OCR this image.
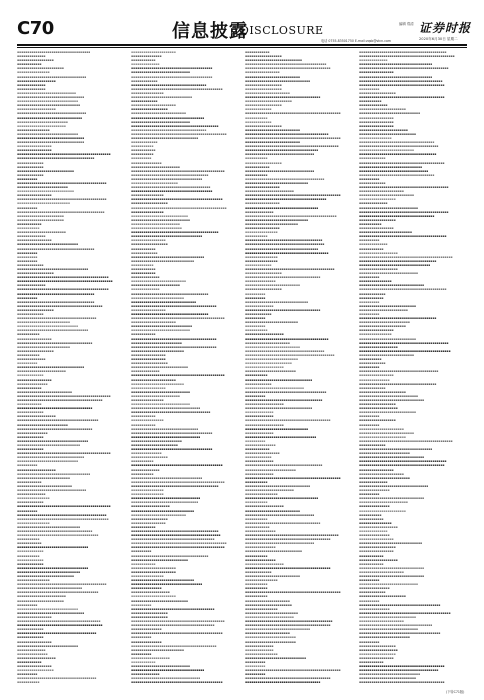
C70	信息披露
DISCLOSURE	编辑 郑清
电话 0755-83501750 E-mail:zqsb@stcn.com
证券时报
2020年6月30日 星期二
▪▪▪▪▪▪▪▪▪▪▪▪▪▪▪▪▪▪▪▪▪▪▪▪▪▪▪▪▪▪▪▪▪▪▪▪
▪▪▪▪▪▪▪▪▪▪▪▪▪▪
▪▪▪▪▪▪▪▪▪▪▪▪▪▪▪▪▪▪
▪▪▪▪▪▪▪▪▪▪▪▪
▪▪▪▪▪▪▪▪▪▪▪▪▪▪▪▪▪▪▪▪▪▪▪
▪▪▪▪▪▪▪▪▪▪▪▪▪▪▪▪
▪▪▪▪▪▪▪▪▪▪▪▪▪▪▪▪▪▪▪▪▪▪▪▪▪▪▪▪▪▪▪▪▪▪
▪▪▪▪▪▪▪▪▪▪▪▪▪▪▪▪▪▪▪
▪▪▪▪▪▪▪▪▪▪▪▪▪▪
▪▪▪▪▪▪▪▪▪▪▪▪▪▪
▪▪▪▪▪▪▪▪▪▪▪▪▪▪▪▪▪▪▪▪▪▪▪▪▪▪▪▪▪
▪▪▪▪▪▪▪▪▪▪▪▪▪▪▪▪▪▪▪▪▪▪▪▪▪▪▪▪▪▪▪▪▪
▪▪▪▪▪▪▪▪▪▪▪▪▪▪▪▪▪▪▪▪▪▪▪▪▪▪▪▪▪▪
▪▪▪▪▪▪▪▪▪▪▪▪▪▪▪▪▪▪▪▪▪▪▪▪▪▪▪▪▪▪▪
▪▪▪▪▪▪▪▪▪▪▪▪▪▪▪▪▪▪▪
▪▪▪▪▪▪▪▪▪▪▪▪▪▪▪▪▪▪▪▪▪▪▪▪▪▪▪▪▪▪▪▪▪▪
▪▪▪▪▪▪▪▪▪▪▪▪▪▪▪▪▪▪▪▪▪▪▪▪▪▪▪▪▪▪▪▪
▪▪▪▪▪▪▪▪▪▪▪▪▪▪▪▪▪▪▪▪▪▪▪▪▪
▪▪▪▪▪▪▪▪▪▪▪▪▪▪▪▪▪▪▪▪▪▪▪▪
▪▪▪▪▪▪▪▪▪▪▪▪▪▪▪▪
▪▪▪▪▪▪▪▪▪▪▪▪▪▪▪▪▪▪▪▪▪▪▪▪▪▪▪▪▪▪
▪▪▪▪▪▪▪▪▪▪▪▪▪▪▪▪▪▪▪▪▪▪▪▪▪▪▪▪▪▪▪▪▪
▪▪▪▪▪▪▪▪▪▪▪▪▪▪▪▪▪▪▪▪▪▪▪▪▪▪▪▪▪▪▪▪▪
▪▪▪▪▪▪▪▪▪▪▪▪▪▪▪▪▪
▪▪▪▪▪▪▪▪▪▪▪▪▪▪▪▪▪
▪▪▪▪▪▪▪▪▪▪▪▪▪▪▪▪▪▪▪▪▪▪▪▪▪▪▪▪▪▪▪▪▪▪▪▪▪▪▪▪▪▪▪▪▪▪
▪▪▪▪▪▪▪▪▪▪▪▪▪▪▪▪▪▪▪▪▪▪▪▪▪▪▪▪▪▪▪▪▪▪▪▪▪▪
▪▪▪▪▪▪▪▪▪▪▪▪▪
▪▪▪▪▪▪▪▪▪▪▪▪▪
▪▪▪▪▪▪▪▪▪▪▪▪▪▪▪▪▪▪▪▪▪▪▪▪▪▪▪▪
▪▪▪▪▪▪▪▪▪▪▪▪▪
▪▪▪▪▪▪▪▪▪▪
▪▪▪▪▪▪▪▪▪▪▪▪▪▪▪▪▪▪▪▪▪▪▪▪▪▪▪▪▪▪▪▪▪▪▪▪▪▪▪▪▪▪▪▪
▪▪▪▪▪▪▪▪▪▪▪▪▪▪▪▪▪▪▪▪▪▪▪▪▪
▪▪▪▪▪▪▪▪▪▪▪▪▪▪▪▪▪▪▪▪▪▪▪▪▪▪▪▪
▪▪▪▪▪▪▪▪▪▪▪▪▪▪▪▪▪
▪▪▪▪▪▪▪▪▪▪▪▪▪▪▪▪▪▪▪▪▪▪▪▪▪▪▪▪▪▪▪▪▪▪▪▪▪▪▪▪▪▪▪▪
▪▪▪▪▪▪▪▪▪▪▪▪▪▪▪▪▪▪▪▪▪▪▪▪▪▪
▪▪▪▪▪▪▪▪▪▪
▪▪▪▪▪▪▪▪▪▪▪▪▪▪▪▪▪▪▪▪▪▪▪▪▪▪▪▪▪▪▪▪▪▪▪▪▪▪▪▪▪▪▪
▪▪▪▪▪▪▪▪▪▪▪▪▪▪▪▪▪▪▪▪▪▪▪
▪▪▪▪▪▪▪▪▪▪▪▪▪▪▪▪▪▪▪▪▪▪▪
▪▪▪▪▪▪▪▪▪▪▪▪
▪▪▪▪▪▪▪▪▪▪▪
▪▪▪▪▪▪▪▪▪▪▪▪▪▪▪▪▪▪▪▪▪▪▪▪
▪▪▪▪▪▪▪▪▪▪▪▪▪▪
▪▪▪▪▪▪▪▪▪▪▪▪▪▪▪▪▪
▪▪▪▪▪▪▪▪▪▪▪▪▪▪▪▪▪▪▪▪▪▪▪▪▪▪▪▪▪▪
▪▪▪▪▪▪▪▪▪▪▪▪▪▪▪▪▪▪▪▪▪▪▪▪▪▪▪▪▪▪▪▪▪▪▪▪▪▪
▪▪▪▪▪▪▪▪▪▪
▪▪▪▪▪▪▪▪▪▪
▪▪▪▪▪▪▪▪▪▪
▪▪▪▪▪▪▪▪▪▪▪▪▪
▪▪▪▪▪▪▪▪▪▪▪▪▪▪▪▪▪▪▪▪▪▪▪▪▪▪▪▪▪▪▪▪▪▪▪
▪▪▪▪▪▪▪▪▪▪▪▪▪▪▪▪▪▪
▪▪▪▪▪▪▪▪▪▪▪▪▪▪▪▪▪▪▪▪▪▪▪▪▪▪▪▪▪▪▪▪▪▪▪▪▪▪▪▪▪▪▪▪▪
▪▪▪▪▪▪▪▪▪▪▪▪▪▪▪▪▪▪▪▪▪▪▪▪▪▪▪▪▪▪▪▪▪▪▪▪▪▪▪▪▪▪▪▪▪▪▪
▪▪▪▪▪▪▪▪▪▪▪▪▪▪
▪▪▪▪▪▪▪▪▪▪▪▪▪▪▪▪▪▪▪▪▪▪▪▪▪▪▪▪▪▪▪▪▪▪▪▪▪▪▪▪▪▪▪▪▪
▪▪▪▪▪▪▪▪▪▪▪▪▪▪▪▪▪▪▪▪▪▪▪▪▪▪▪▪▪▪▪▪▪▪▪▪▪▪
▪▪▪▪▪▪▪▪▪▪
▪▪▪▪▪▪▪▪▪▪▪▪▪▪▪▪▪▪▪▪▪▪▪▪▪▪▪▪▪▪▪▪▪▪▪▪▪▪
▪▪▪▪▪▪▪▪▪▪▪▪▪▪▪▪▪▪▪▪▪▪▪▪▪▪▪▪▪▪▪▪▪▪▪▪▪▪▪▪▪▪
▪▪▪▪▪▪▪▪▪▪▪▪▪▪▪▪▪▪
▪▪▪▪▪▪▪▪▪▪▪▪▪
▪▪▪▪▪▪▪▪▪▪▪▪▪▪▪▪▪▪▪▪▪▪▪▪▪▪▪▪▪▪▪▪▪▪▪▪▪▪▪
▪▪▪▪▪▪▪▪▪▪▪▪▪▪▪▪▪▪▪▪▪▪▪▪▪▪
▪▪▪▪▪▪▪▪▪▪▪▪▪▪▪▪▪▪▪▪▪▪▪▪▪▪▪▪▪▪
▪▪▪▪▪▪▪▪▪▪▪▪▪▪▪▪▪▪▪▪▪▪▪▪▪▪▪▪▪▪▪▪▪▪▪
▪▪▪▪▪▪▪▪▪▪▪
▪▪▪▪▪▪▪▪▪▪▪▪▪▪▪▪▪
▪▪▪▪▪▪▪▪▪▪▪▪▪▪▪▪▪▪▪▪▪▪▪▪▪▪▪▪▪▪▪▪▪▪▪▪▪
▪▪▪▪▪▪▪▪▪▪▪▪▪▪▪▪▪▪▪▪▪▪▪▪▪▪
▪▪▪▪▪▪▪▪▪▪▪▪▪▪▪▪▪▪
▪▪▪▪▪▪▪▪▪▪▪
▪▪▪▪▪▪▪▪▪▪▪▪▪▪
▪▪▪▪▪▪▪▪▪▪
▪▪▪▪▪▪▪▪▪▪▪▪▪▪▪▪▪▪▪▪▪▪▪▪▪▪▪▪▪▪▪▪▪
▪▪▪▪▪▪▪▪▪▪▪▪▪▪▪▪▪▪▪▪▪▪▪▪
▪▪▪▪▪▪▪▪▪▪▪▪▪
▪▪▪▪▪▪▪▪▪▪▪▪▪▪▪▪▪
▪▪▪▪▪▪▪▪▪▪▪▪▪▪▪
▪▪▪▪▪▪▪▪▪▪▪▪
▪▪▪▪▪▪▪▪▪▪▪▪▪▪▪▪▪▪▪▪▪▪▪▪▪▪▪
▪▪▪▪▪▪▪▪▪▪▪▪▪▪▪▪▪▪▪▪▪▪▪▪▪▪▪▪▪▪▪▪▪▪▪▪▪▪▪▪▪▪▪▪▪▪
▪▪▪▪▪▪▪▪▪▪▪▪▪▪▪▪▪▪▪▪▪▪▪▪▪▪▪▪▪▪▪▪▪▪▪▪▪▪▪▪▪▪
▪▪▪▪▪▪▪▪▪▪▪▪
▪▪▪▪▪▪▪▪▪▪▪▪▪▪▪▪▪▪▪▪▪▪▪▪▪▪▪▪▪▪▪▪▪▪▪▪▪
▪▪▪▪▪▪▪▪▪▪▪▪▪
▪▪▪▪▪▪▪▪▪▪▪▪▪▪▪▪▪▪▪
▪▪▪▪▪▪▪▪▪▪▪▪▪▪▪▪▪▪▪▪▪▪▪▪▪▪▪▪▪▪▪▪▪▪▪▪▪▪▪▪
▪▪▪▪▪▪▪▪▪▪▪▪▪▪▪▪▪▪▪▪▪▪▪▪▪
▪▪▪▪▪▪▪▪▪▪▪▪▪▪▪▪▪▪▪▪▪▪▪▪▪▪▪▪▪▪▪▪▪▪▪▪▪
▪▪▪▪▪▪▪▪▪▪▪▪▪▪▪
▪▪▪▪▪▪▪▪▪▪▪▪▪
▪▪▪▪▪▪▪▪▪▪▪▪▪▪▪▪▪▪▪▪▪▪▪▪▪▪▪▪▪▪▪▪▪▪▪
▪▪▪▪▪▪▪▪▪▪▪▪▪▪▪▪▪▪▪▪▪▪▪▪▪▪▪▪▪▪▪
▪▪▪▪▪▪▪▪▪▪▪▪▪
▪▪▪▪▪▪▪▪▪▪▪▪▪▪▪▪▪▪▪▪▪▪▪▪▪▪▪▪▪▪▪▪▪▪▪▪▪▪▪▪▪▪▪▪▪▪
▪▪▪▪▪▪▪▪▪▪▪▪▪▪▪▪▪▪▪▪▪▪▪▪▪▪▪▪▪▪▪▪▪
▪▪▪▪▪▪▪▪▪▪▪▪▪▪▪▪▪▪▪▪▪▪▪▪▪▪▪▪▪▪
▪▪▪▪▪▪▪▪▪▪
▪▪▪▪▪▪▪▪▪▪▪▪▪▪▪▪▪▪▪
▪▪▪▪▪▪▪▪▪▪▪▪▪▪▪▪▪▪▪▪▪▪▪▪▪▪▪▪▪▪▪▪▪▪▪▪
▪▪▪▪▪▪▪▪▪▪▪▪▪▪▪▪▪▪▪▪▪▪▪▪▪▪
▪▪▪▪▪▪▪▪▪▪▪▪
▪▪▪▪▪▪▪▪▪▪▪▪▪▪▪▪▪▪▪▪▪▪▪▪▪▪▪
▪▪▪▪▪▪▪▪▪▪▪▪▪▪▪▪▪▪▪▪▪▪▪▪▪▪▪▪▪▪▪▪▪▪
▪▪▪▪▪▪▪▪▪▪▪▪▪▪
▪▪▪▪▪▪▪▪▪▪▪▪▪▪▪▪
▪▪▪▪▪▪▪▪▪▪▪▪▪
▪▪▪▪▪▪▪▪▪▪▪▪▪▪▪▪▪▪▪▪▪▪▪▪▪▪▪▪▪▪▪▪▪▪▪▪▪▪▪▪▪▪▪▪▪▪
▪▪▪▪▪▪▪▪▪▪
▪▪▪▪▪▪▪▪▪▪▪▪▪▪▪▪▪▪▪▪▪▪▪▪▪▪▪▪▪▪▪▪▪▪▪▪▪▪▪▪▪▪▪▪
▪▪▪▪▪▪▪▪▪▪▪▪▪▪▪▪▪▪▪▪▪▪▪▪▪▪▪▪▪▪▪▪▪▪▪▪▪▪▪▪▪▪▪▪▪
▪▪▪▪▪▪▪▪▪▪▪▪▪▪▪▪
▪▪▪▪▪▪▪▪▪▪▪▪▪▪▪▪▪▪▪▪▪▪▪▪▪▪▪▪▪▪▪
▪▪▪▪▪▪▪▪▪▪▪▪▪▪▪▪▪▪▪▪▪▪▪▪▪▪▪▪▪▪▪▪▪▪▪▪▪
▪▪▪▪▪▪▪▪▪▪▪▪▪▪▪▪▪▪▪▪▪▪▪▪▪▪▪▪▪▪▪▪▪▪▪▪▪▪▪▪
▪▪▪▪▪▪▪▪▪▪▪
▪▪▪▪▪▪▪▪▪▪▪▪
▪▪▪▪▪▪▪▪▪▪▪▪▪▪▪▪▪▪▪▪▪▪▪▪▪▪▪▪▪▪▪▪▪▪▪
▪▪▪▪▪▪▪▪▪▪▪▪▪
▪▪▪▪▪▪▪▪▪▪▪
▪▪▪▪▪▪▪▪▪▪▪▪▪
▪▪▪▪▪▪▪▪▪▪▪▪▪
▪▪▪▪▪▪▪▪▪▪▪▪▪▪▪▪▪▪▪▪▪▪▪▪▪▪▪▪▪▪▪▪▪▪▪
▪▪▪▪▪▪▪▪▪▪▪▪▪▪▪▪▪▪▪▪▪▪▪▪▪▪▪▪▪▪▪
▪▪▪▪▪▪▪▪▪▪▪▪▪▪▪▪▪▪▪▪▪▪▪▪▪▪▪▪
▪▪▪▪▪▪▪▪▪▪▪▪▪▪▪▪
▪▪▪▪▪▪▪▪▪▪▪▪▪▪▪▪▪▪▪▪▪▪▪▪▪▪▪▪▪▪▪▪▪▪▪▪▪▪▪▪▪▪▪▪
▪▪▪▪▪▪▪▪▪▪▪▪▪▪▪▪▪▪▪▪▪▪▪▪▪▪▪▪▪▪▪▪
▪▪▪▪▪▪▪▪▪▪▪▪▪▪▪▪▪▪▪▪▪▪▪▪▪▪▪▪▪▪▪▪▪▪▪▪▪▪▪▪
▪▪▪▪▪▪▪▪▪▪▪▪▪▪▪▪▪▪▪▪▪▪▪▪
▪▪▪▪▪▪▪▪▪▪▪▪▪▪▪▪▪▪▪▪▪▪▪
▪▪▪▪▪▪▪▪▪▪
▪▪▪▪▪▪▪▪▪▪▪▪▪▪▪▪▪▪▪▪▪▪▪▪▪▪▪▪▪▪
▪▪▪▪▪▪▪▪▪▪▪▪▪▪▪▪▪▪▪▪▪▪▪▪▪▪▪▪▪▪▪▪▪
▪▪▪▪▪▪▪▪▪▪▪▪▪▪▪▪▪
▪▪▪▪▪▪▪▪▪▪▪▪▪▪▪▪▪▪▪▪▪▪▪▪▪▪▪▪▪▪▪▪▪▪▪▪▪▪▪▪▪
▪▪▪▪▪▪▪▪▪▪▪▪▪▪▪▪▪▪▪▪▪▪▪▪▪▪▪▪▪▪▪▪▪▪▪▪▪▪▪▪▪▪
▪▪▪▪▪▪▪▪▪▪▪▪▪
▪▪▪▪▪▪▪▪▪▪▪▪▪▪▪▪▪▪▪▪▪▪▪▪▪▪▪▪▪▪▪▪▪▪▪▪▪▪▪
▪▪▪▪▪▪▪▪▪▪▪▪▪
▪▪▪▪▪▪▪▪▪▪▪▪▪▪▪▪▪
▪▪▪▪▪▪▪▪▪▪▪▪▪▪▪▪▪▪▪▪▪▪▪▪▪▪▪▪▪▪
▪▪▪▪▪▪▪▪▪▪▪▪▪▪
▪▪▪▪▪▪▪▪▪▪▪▪▪▪▪
▪▪▪▪▪▪▪▪▪▪▪▪▪▪▪▪▪▪▪
▪▪▪▪▪▪▪▪▪▪▪▪
▪▪▪▪▪▪▪▪▪▪▪▪▪▪▪▪▪
▪▪▪▪▪▪▪▪▪▪▪▪▪▪▪▪▪▪
▪▪▪▪▪▪▪▪▪▪
▪▪▪▪▪▪▪▪▪▪▪▪▪▪▪▪▪▪▪▪▪▪▪▪▪▪▪▪▪▪▪▪▪▪▪▪▪▪▪
▪▪▪▪▪▪▪▪▪▪▪
▪▪▪▪▪▪▪▪▪▪▪▪▪▪▪▪▪▪▪▪▪▪
▪▪▪▪▪▪▪▪▪▪▪▪▪▪▪
▪▪▪▪▪▪▪▪▪▪▪▪
▪▪▪▪▪▪▪▪▪▪▪▪▪▪
▪▪▪▪▪▪▪▪▪▪▪▪▪▪▪▪▪▪▪▪▪▪▪▪▪▪▪▪▪▪▪▪▪▪▪▪▪▪▪▪
▪▪▪▪▪▪▪▪▪▪▪▪▪▪▪▪▪▪▪▪▪▪▪▪▪▪▪▪▪
▪▪▪▪▪▪▪▪▪▪▪▪▪▪▪▪▪▪▪▪▪▪▪▪▪▪▪▪▪▪▪▪▪▪▪▪▪▪▪▪
▪▪▪▪▪▪▪▪▪▪▪▪▪
▪▪▪▪▪▪▪▪▪▪▪▪▪▪▪▪▪▪▪▪▪▪▪▪▪▪▪▪▪▪▪▪▪▪▪▪▪
▪▪▪▪▪▪▪▪▪▪▪▪▪▪▪▪▪▪▪▪▪▪▪▪▪▪▪▪▪▪▪▪▪▪▪▪▪▪▪▪▪▪▪▪▪
▪▪▪▪▪▪▪▪▪▪▪▪▪▪▪▪
▪▪▪▪▪▪▪▪▪▪▪▪▪▪▪▪▪▪▪▪▪▪▪▪▪▪▪▪▪▪
▪▪▪▪▪▪▪▪▪▪▪▪▪
▪▪▪▪▪▪▪▪▪▪▪▪▪▪▪▪▪▪▪▪▪▪
▪▪▪▪▪▪▪▪▪▪▪▪▪▪▪▪▪▪
▪▪▪▪▪▪▪▪▪▪▪▪▪▪▪▪▪▪▪▪▪▪▪▪▪▪▪
▪▪▪▪▪▪▪▪▪▪▪▪▪▪▪▪▪▪▪▪▪▪▪▪▪▪▪▪▪▪▪▪▪▪▪▪
▪▪▪▪▪▪▪▪▪▪▪▪▪▪▪▪▪▪▪▪▪▪▪▪▪▪▪▪▪
▪▪▪▪▪▪▪▪▪▪▪▪▪▪▪▪▪▪▪▪▪▪▪▪▪▪▪▪▪▪▪▪▪▪▪▪▪▪▪▪▪▪▪
▪▪▪▪▪▪▪▪▪▪▪▪▪▪▪▪▪▪▪▪▪▪▪▪▪▪▪▪▪▪▪▪▪▪▪▪▪
▪▪▪▪▪▪▪▪▪▪▪▪▪▪▪▪▪▪▪▪▪▪▪▪▪▪▪▪▪▪▪▪▪▪▪▪▪▪▪▪▪▪▪▪▪▪▪
▪▪▪▪▪▪▪▪▪▪▪▪▪▪▪▪▪▪▪▪▪▪▪▪▪▪▪▪▪▪▪▪▪
▪▪▪▪▪▪▪▪▪▪▪▪▪
▪▪▪▪▪▪▪▪▪▪▪
▪▪▪▪▪▪▪▪▪▪▪▪
▪▪▪▪▪▪▪▪▪▪▪
▪▪▪▪▪▪▪▪▪▪
▪▪▪▪▪▪▪▪▪▪▪▪▪▪▪
▪▪▪▪▪▪▪▪▪▪▪▪▪▪▪▪▪▪▪▪▪▪▪▪
▪▪▪▪▪▪▪▪▪▪▪▪▪▪▪▪▪▪▪▪▪▪▪▪▪▪▪▪▪▪▪▪▪▪▪▪▪▪▪▪▪▪▪▪▪▪
▪▪▪▪▪▪▪▪▪▪▪▪▪▪▪▪▪▪▪▪▪▪▪▪▪▪▪▪▪▪▪▪▪▪▪▪▪▪
▪▪▪▪▪▪▪▪▪▪▪▪▪▪▪▪▪▪▪▪▪▪▪▪▪▪▪▪▪▪▪▪▪▪▪
▪▪▪▪▪▪▪▪▪▪▪▪▪▪▪▪▪▪▪▪▪▪▪
▪▪▪▪▪▪▪▪▪▪▪▪▪▪▪▪▪▪▪▪▪▪▪▪▪▪▪▪▪▪▪▪▪▪▪▪▪▪▪
▪▪▪▪▪▪▪▪▪▪▪▪▪▪▪▪▪▪▪▪▪▪▪▪▪▪▪▪▪▪▪▪▪▪▪▪▪▪▪▪
▪▪▪▪▪▪▪▪▪▪▪▪▪▪▪▪
▪▪▪▪▪▪▪▪▪▪▪▪▪▪▪▪▪▪▪▪▪▪▪▪▪▪▪▪▪▪▪▪▪▪▪▪▪▪▪▪▪▪▪▪▪
▪▪▪▪▪▪▪▪▪▪▪▪▪▪▪▪▪▪
▪▪▪▪▪▪▪▪▪▪▪▪▪▪▪▪▪▪▪▪▪▪▪▪▪▪▪▪▪▪▪▪▪▪▪▪▪▪▪▪▪▪▪▪▪▪▪
▪▪▪▪▪▪▪▪▪▪▪▪▪▪▪▪
▪▪▪▪▪▪▪▪▪▪▪▪▪▪▪▪▪▪▪▪▪▪▪▪▪▪▪▪
▪▪▪▪▪▪▪▪▪▪▪▪▪▪▪▪▪▪▪▪▪▪▪▪▪▪▪▪▪
▪▪▪▪▪▪▪▪▪▪▪▪▪▪▪▪▪▪▪▪▪▪▪▪
▪▪▪▪▪▪▪▪▪▪▪▪▪▪▪▪▪▪▪▪▪▪▪▪▪
▪▪▪▪▪▪▪▪▪▪▪▪▪▪▪▪▪▪▪▪▪▪▪▪▪▪▪▪▪▪▪▪▪▪▪▪▪▪▪▪▪▪▪
▪▪▪▪▪▪▪▪▪▪▪▪▪▪▪▪▪▪▪▪▪▪▪▪▪▪▪▪▪▪▪▪▪▪▪
▪▪▪▪▪▪▪▪▪▪▪▪▪▪▪▪▪
▪▪▪▪▪▪▪▪▪▪▪▪▪▪▪▪▪▪
▪▪▪▪▪▪▪▪▪▪▪▪
▪▪▪▪▪▪▪▪▪▪▪▪▪
▪▪▪▪▪▪▪▪▪▪▪▪▪▪▪▪▪▪▪▪▪▪▪▪▪▪▪▪▪▪▪▪▪▪▪▪
▪▪▪▪▪▪▪▪▪▪▪▪▪▪▪▪▪▪▪▪▪▪▪▪▪▪▪▪▪▪▪
▪▪▪▪▪▪▪▪▪▪▪
▪▪▪▪▪▪▪▪▪▪▪▪
▪▪▪▪▪▪▪▪▪▪▪▪
▪▪▪▪▪▪▪▪▪▪▪▪▪▪
▪▪▪▪▪▪▪▪▪▪▪▪▪▪▪▪▪▪▪▪▪▪▪▪▪▪▪
▪▪▪▪▪▪▪▪▪▪▪▪▪▪▪▪▪▪▪▪▪▪▪▪
▪▪▪▪▪▪▪▪▪▪▪▪▪▪
▪▪▪▪▪▪▪▪▪▪▪▪▪▪▪▪▪▪▪▪▪▪▪▪▪▪▪▪▪▪▪▪▪▪▪▪▪▪
▪▪▪▪▪▪▪▪▪▪▪▪▪▪▪▪▪▪▪▪▪▪▪▪▪▪
▪▪▪▪▪▪▪▪▪▪▪▪▪▪▪▪▪▪▪▪▪▪▪▪▪▪▪▪▪▪▪▪
▪▪▪▪▪▪▪▪▪▪▪▪▪▪▪▪▪▪▪▪▪▪▪▪▪▪▪▪▪▪▪▪▪▪▪▪▪▪▪▪▪▪
▪▪▪▪▪▪▪▪▪▪▪▪▪▪▪▪▪
▪▪▪▪▪▪▪▪▪▪▪▪▪▪▪▪▪▪▪▪▪▪▪▪▪▪▪▪▪▪▪▪▪▪▪▪▪▪
▪▪▪▪▪▪▪▪▪▪▪▪▪▪▪▪▪▪▪▪▪▪▪▪▪▪▪▪▪▪▪▪▪▪▪▪▪▪▪▪▪▪▪▪▪▪
▪▪▪▪▪▪▪▪▪▪▪▪▪▪▪▪▪▪▪▪▪▪
▪▪▪▪▪▪▪▪▪▪▪▪▪▪▪▪▪▪▪▪▪▪▪▪▪▪▪▪▪▪
▪▪▪▪▪▪▪▪▪▪▪▪▪▪▪▪▪▪▪▪▪▪▪▪▪▪▪▪▪
▪▪▪▪▪▪▪▪▪▪▪▪
▪▪▪▪▪▪▪▪▪▪▪▪▪▪▪▪▪▪▪▪▪▪▪▪▪▪▪▪▪▪▪▪▪▪▪▪▪▪▪▪▪▪
▪▪▪▪▪▪▪▪▪▪▪▪▪▪▪▪▪▪▪▪▪▪▪▪▪
▪▪▪▪▪▪▪▪▪▪▪▪▪▪▪▪▪▪▪▪▪▪▪▪▪▪▪▪▪▪▪▪▪▪▪▪▪▪▪▪▪▪
▪▪▪▪▪▪▪▪▪▪▪▪▪▪▪▪▪▪▪▪▪▪▪▪▪▪
▪▪▪▪▪▪▪▪▪▪▪▪▪▪▪▪▪
▪▪▪▪▪▪▪▪▪▪▪▪▪▪▪▪▪
▪▪▪▪▪▪▪▪▪▪▪▪▪▪▪▪▪▪
▪▪▪▪▪▪▪▪▪▪▪▪▪▪▪▪▪▪▪▪▪▪▪▪▪▪▪▪
▪▪▪▪▪▪▪▪▪▪▪▪▪▪
▪▪▪▪▪▪▪▪▪▪▪▪▪▪▪▪▪▪▪▪▪▪▪▪▪▪▪▪▪▪▪▪▪▪▪▪▪▪▪▪▪▪▪▪▪▪
▪▪▪▪▪▪▪▪▪▪▪▪▪▪▪▪▪▪▪▪▪▪
▪▪▪▪▪▪▪▪▪▪▪▪▪▪▪▪▪▪▪▪▪▪▪▪▪▪
▪▪▪▪▪▪▪▪▪▪▪▪▪▪▪▪▪
▪▪▪▪▪▪▪▪▪▪▪▪▪▪▪▪▪▪▪▪▪▪▪▪▪▪▪▪▪
▪▪▪▪▪▪▪▪▪▪▪▪▪▪▪▪▪▪▪▪▪▪▪▪
▪▪▪▪▪▪▪▪▪▪▪▪▪▪▪▪
▪▪▪▪▪▪▪▪▪▪▪▪▪▪▪▪▪▪▪▪▪▪▪▪▪▪▪▪▪
▪▪▪▪▪▪▪▪▪▪▪▪▪▪▪▪▪▪▪▪▪▪▪▪▪▪▪▪▪▪▪▪▪▪
▪▪▪▪▪▪▪▪▪▪▪▪▪▪▪▪▪▪▪▪▪▪▪▪▪▪▪▪▪▪▪▪▪▪▪▪▪▪▪
▪▪▪▪▪▪▪▪▪▪▪▪
▪▪▪▪▪▪▪▪▪▪▪▪▪▪▪▪
▪▪▪▪▪▪▪▪▪▪▪▪
▪▪▪▪▪▪▪▪▪▪▪▪▪▪▪▪▪▪▪▪▪▪▪▪▪▪▪▪▪▪▪▪▪
▪▪▪▪▪▪▪▪▪▪▪▪▪▪▪▪▪▪▪▪▪▪▪▪▪▪▪▪▪▪▪▪▪▪▪▪▪▪▪▪
▪▪▪▪▪▪▪▪▪▪▪▪▪▪▪▪▪▪▪▪▪▪▪▪▪▪▪▪▪▪▪▪▪▪
▪▪▪▪▪▪▪▪▪▪▪▪▪▪▪▪▪▪▪▪▪▪▪▪▪
▪▪▪▪▪▪▪▪▪▪▪▪▪▪▪▪▪▪▪▪▪▪▪
▪▪▪▪▪▪▪▪▪▪▪▪▪▪▪▪▪▪▪▪▪▪▪▪▪▪▪▪▪▪▪▪▪▪▪▪▪▪▪▪
▪▪▪▪▪▪▪▪▪▪▪▪▪▪▪
▪▪▪▪▪▪▪▪▪▪▪▪▪▪▪▪▪▪
▪▪▪▪▪▪▪▪▪▪▪
▪▪▪▪▪▪▪▪▪▪▪▪▪▪▪▪▪▪▪▪▪▪▪▪▪▪▪▪▪▪▪▪▪▪▪▪▪▪▪▪▪▪▪▪▪
▪▪▪▪▪▪▪▪▪▪▪▪▪▪
▪▪▪▪▪▪▪▪▪▪▪
▪▪▪▪▪▪▪▪▪▪▪▪▪▪▪▪▪▪▪▪▪▪▪▪▪▪▪▪▪▪▪▪▪▪▪
▪▪▪▪▪▪▪▪▪▪▪▪▪▪▪▪▪▪▪▪▪▪▪▪▪▪▪▪▪▪▪▪▪▪▪▪▪▪▪▪▪▪▪▪▪▪
▪▪▪▪▪▪▪▪▪▪▪▪▪▪▪▪▪▪▪▪▪▪▪▪▪▪▪▪▪▪▪▪▪▪▪▪▪▪▪▪▪▪▪
▪▪▪▪▪▪▪▪▪▪▪▪▪▪▪▪
▪▪▪▪▪▪▪▪▪▪▪▪▪▪▪▪
▪▪▪▪▪▪▪▪▪▪▪▪▪▪▪▪▪▪▪▪▪▪▪▪▪▪▪▪▪▪▪▪▪▪
▪▪▪▪▪▪▪▪▪▪▪▪▪▪▪▪▪▪▪▪▪▪▪▪▪▪▪▪▪▪▪▪▪
▪▪▪▪▪▪▪▪▪▪▪▪▪▪▪▪▪▪▪
▪▪▪▪▪▪▪▪▪▪▪▪▪▪▪▪▪▪▪▪▪▪▪▪▪▪▪▪▪▪▪
▪▪▪▪▪▪▪▪▪▪▪▪▪▪▪▪▪▪▪▪▪▪▪▪▪▪▪
▪▪▪▪▪▪▪▪▪▪▪▪▪▪▪▪▪▪
▪▪▪▪▪▪▪▪▪▪▪▪▪▪▪▪▪
▪▪▪▪▪▪▪▪▪▪▪▪
▪▪▪▪▪▪▪▪▪▪▪▪▪▪▪▪▪▪▪▪▪▪▪▪▪▪▪▪▪▪▪▪▪▪▪▪▪▪▪▪▪▪▪
▪▪▪▪▪▪▪▪▪▪▪▪▪▪▪▪▪▪▪▪▪▪▪▪▪▪▪▪▪▪▪▪▪▪▪▪▪▪▪▪▪▪▪▪
▪▪▪▪▪▪▪▪▪▪▪▪▪▪▪▪▪▪▪▪▪▪▪▪▪▪▪▪▪▪▪▪▪▪▪▪▪▪▪▪▪
▪▪▪▪▪▪▪▪▪▪▪▪▪▪▪▪▪▪▪▪▪▪▪▪▪▪▪▪▪▪▪▪▪▪▪▪▪▪▪▪▪▪▪▪▪▪▪
▪▪▪▪▪▪▪▪▪▪▪▪▪▪▪▪▪▪▪▪▪▪▪▪▪▪▪▪▪▪▪▪▪▪▪▪▪▪▪▪▪▪▪▪▪▪
▪▪▪▪▪▪▪▪▪▪
▪▪▪▪▪▪▪▪▪▪▪▪▪▪▪▪▪▪▪▪▪▪▪▪▪▪▪▪▪▪▪▪▪▪▪▪▪▪
▪▪▪▪▪▪▪▪▪▪▪▪▪▪▪▪▪▪▪▪▪▪▪▪▪▪▪▪
▪▪▪▪▪▪▪▪▪▪▪▪
▪▪▪▪▪▪▪▪▪▪▪▪▪▪▪▪▪▪▪▪▪▪
▪▪▪▪▪▪▪▪▪▪▪▪▪▪▪▪▪▪▪▪▪▪
▪▪▪▪▪▪▪▪▪▪▪▪▪▪▪▪
▪▪▪▪▪▪▪▪▪▪▪▪▪▪▪▪▪▪▪▪▪▪▪▪▪▪▪▪▪▪▪
▪▪▪▪▪▪▪▪▪▪▪▪▪▪▪▪▪▪▪▪▪▪▪▪▪▪▪▪▪▪▪▪▪▪▪
▪▪▪▪▪▪▪▪▪▪▪▪▪▪▪
▪▪▪▪▪▪▪▪▪▪▪▪▪▪▪▪▪▪▪
▪▪▪▪▪▪▪▪▪▪▪▪▪▪▪▪▪▪▪▪▪▪
▪▪▪▪▪▪▪▪▪▪▪▪▪▪▪▪▪▪▪▪▪▪▪▪▪▪▪▪
▪▪▪▪▪▪▪▪▪▪
▪▪▪▪▪▪▪▪▪▪▪▪▪▪▪▪▪▪▪▪▪▪▪▪▪▪▪▪▪▪▪▪▪▪▪▪▪▪▪▪▪
▪▪▪▪▪▪▪▪▪▪▪▪▪▪▪▪▪▪
▪▪▪▪▪▪▪▪▪▪▪▪▪▪▪▪▪▪
▪▪▪▪▪▪▪▪▪▪▪▪▪▪▪▪▪▪▪▪▪▪▪▪▪▪▪▪▪▪▪▪▪▪▪▪▪▪▪▪▪▪▪▪▪▪
▪▪▪▪▪▪▪▪▪▪▪▪▪▪▪▪▪▪▪▪▪▪▪▪▪▪▪▪▪▪▪▪▪▪▪▪▪▪▪▪▪
▪▪▪▪▪▪▪▪▪▪▪▪▪▪▪
▪▪▪▪▪▪▪▪▪▪▪▪▪▪▪▪▪▪▪▪▪▪▪▪▪▪▪▪▪▪▪▪▪▪▪▪▪▪▪▪▪▪▪▪▪
▪▪▪▪▪▪▪▪▪▪
▪▪▪▪▪▪▪▪▪▪▪▪▪▪▪
▪▪▪▪▪▪▪▪▪▪▪▪▪▪▪▪▪▪▪▪▪▪▪▪▪▪▪▪▪▪▪▪▪▪▪▪▪▪▪▪▪▪
▪▪▪▪▪▪▪▪▪▪▪▪▪▪▪▪▪▪▪▪▪▪▪▪▪▪
▪▪▪▪▪▪▪▪▪▪
▪▪▪▪▪▪▪▪▪▪▪▪▪▪▪▪▪▪▪
▪▪▪▪▪▪▪▪▪▪▪▪
▪▪▪▪▪▪▪▪▪▪▪▪▪▪▪▪▪▪▪▪▪▪▪▪▪▪▪▪▪
▪▪▪▪▪▪▪▪▪▪▪▪▪▪▪▪▪▪▪▪▪▪▪▪▪▪▪▪▪▪▪▪▪▪▪▪
▪▪▪▪▪▪▪▪▪▪▪▪▪▪
▪▪▪▪▪▪▪▪▪▪▪▪▪▪▪▪▪▪▪▪▪▪▪▪▪▪▪▪▪▪▪▪▪▪
▪▪▪▪▪▪▪▪▪▪▪▪▪▪▪▪▪▪▪▪▪▪▪▪▪▪▪▪▪▪▪▪▪▪▪▪▪▪▪▪▪▪▪▪▪
▪▪▪▪▪▪▪▪▪▪▪▪
▪▪▪▪▪▪▪▪▪▪▪▪▪▪▪▪▪▪
▪▪▪▪▪▪▪▪▪▪▪▪▪▪▪▪▪▪▪▪▪▪▪▪▪▪▪▪
▪▪▪▪▪▪▪▪▪▪▪▪▪▪▪▪▪▪▪▪▪▪▪▪▪▪▪▪▪▪▪▪▪▪▪▪▪▪▪▪
▪▪▪▪▪▪▪▪▪▪▪▪▪▪▪▪▪▪▪▪▪▪▪▪▪▪▪▪▪▪▪▪▪▪▪▪▪▪▪▪▪▪
▪▪▪▪▪▪▪▪▪▪▪▪▪▪▪▪▪
▪▪▪▪▪▪▪▪▪▪▪▪▪▪▪▪▪▪▪▪▪▪▪▪▪▪▪
▪▪▪▪▪▪▪▪▪▪▪▪▪▪▪▪▪▪▪▪▪▪▪▪▪▪▪▪▪▪▪▪
▪▪▪▪▪▪▪▪▪▪▪▪▪▪▪▪▪▪
▪▪▪▪▪▪▪▪▪▪▪▪▪▪▪▪▪▪
▪▪▪▪▪▪▪▪▪▪▪▪▪▪▪▪▪▪▪▪▪▪
▪▪▪▪▪▪▪▪▪▪▪▪▪▪▪▪▪▪▪▪▪▪▪▪▪▪▪▪▪▪▪▪▪▪▪▪▪
▪▪▪▪▪▪▪▪▪▪▪▪▪▪▪▪▪▪▪▪▪▪▪
▪▪▪▪▪▪▪▪▪▪▪▪▪▪▪▪▪▪
▪▪▪▪▪▪▪▪▪▪▪▪▪
▪▪▪▪▪▪▪▪▪▪▪▪▪▪▪▪▪▪▪▪▪▪▪▪▪▪▪▪▪▪▪▪▪▪▪▪▪▪▪▪▪▪▪▪▪▪▪
▪▪▪▪▪▪▪▪▪▪▪
▪▪▪▪▪▪▪▪▪▪▪▪▪
▪▪▪▪▪▪▪▪▪▪▪▪▪▪▪▪▪▪
▪▪▪▪▪▪▪▪▪▪▪▪▪▪▪▪▪▪▪▪▪▪▪▪▪▪▪
▪▪▪▪▪▪▪▪▪▪▪▪▪▪▪▪▪▪▪▪▪▪▪▪▪▪▪▪▪▪▪▪▪▪▪▪▪▪▪▪▪
▪▪▪▪▪▪▪▪▪▪▪▪▪▪▪▪▪▪▪▪▪▪▪▪▪▪▪▪▪▪▪▪▪▪▪▪▪▪▪▪▪▪▪▪▪▪▪
▪▪▪▪▪▪▪▪▪▪▪▪▪▪▪▪▪▪▪▪▪▪▪▪▪▪▪
▪▪▪▪▪▪▪▪▪▪▪▪▪▪▪▪▪▪▪▪▪▪▪▪▪▪▪▪▪▪▪▪▪▪▪▪▪▪▪▪▪▪▪▪▪▪
▪▪▪▪▪▪▪▪▪▪▪▪▪▪▪▪▪▪▪▪▪▪▪▪▪▪▪▪▪▪▪▪▪▪▪▪
▪▪▪▪▪▪▪▪▪▪▪▪▪▪▪▪▪▪▪▪▪▪▪▪▪▪▪▪▪▪▪▪▪▪
▪▪▪▪▪▪▪▪▪▪▪
▪▪▪▪▪▪▪▪▪▪▪▪▪▪▪▪▪▪
▪▪▪▪▪▪▪▪▪▪▪▪
▪▪▪▪▪▪▪▪▪▪▪▪▪▪▪▪▪▪▪▪▪▪▪▪▪▪▪▪▪▪▪▪▪▪
▪▪▪▪▪▪▪▪▪▪▪
▪▪▪▪▪▪▪▪▪▪▪▪▪▪▪▪▪▪▪▪▪▪▪▪▪▪▪▪▪▪▪▪▪▪▪▪▪▪▪
▪▪▪▪▪▪▪▪▪▪▪▪▪▪▪▪▪▪▪▪▪▪▪▪▪▪▪▪▪▪▪
▪▪▪▪▪▪▪▪▪▪▪▪▪▪▪▪▪
▪▪▪▪▪▪▪▪▪▪▪▪▪▪▪▪▪▪▪▪▪▪▪▪
▪▪▪▪▪▪▪▪▪▪▪▪▪▪▪▪▪▪▪▪▪▪▪▪▪▪▪▪▪▪▪▪▪▪▪▪▪▪▪▪▪▪▪▪▪▪▪
▪▪▪▪▪▪▪▪▪▪▪▪▪▪▪▪▪▪▪▪▪▪▪▪▪▪▪▪▪▪▪▪▪▪▪▪▪▪▪▪
▪▪▪▪▪▪▪▪▪▪▪▪▪▪▪▪▪
▪▪▪▪▪▪▪▪▪▪▪▪▪▪▪▪▪▪▪▪▪▪▪▪▪▪▪▪▪▪▪▪▪▪▪▪
▪▪▪▪▪▪▪▪▪▪▪▪▪▪
▪▪▪▪▪▪▪▪▪▪▪▪▪▪▪▪▪▪▪▪▪▪▪▪▪▪▪▪▪▪▪▪▪▪▪▪▪▪▪▪▪▪▪▪▪
▪▪▪▪▪▪▪▪▪▪▪▪▪▪▪▪▪▪▪▪▪▪▪▪▪▪▪▪▪▪▪
▪▪▪▪▪▪▪▪▪▪▪▪▪▪▪▪▪▪▪▪▪▪▪▪▪▪
▪▪▪▪▪▪▪▪▪▪▪▪▪▪▪▪▪
▪▪▪▪▪▪▪▪▪▪▪▪▪▪▪▪
▪▪▪▪▪▪▪▪▪▪▪
▪▪▪▪▪▪▪▪▪▪▪▪▪▪▪▪▪▪▪▪▪▪▪▪▪▪▪▪▪▪▪▪▪▪▪▪▪▪
▪▪▪▪▪▪▪▪▪▪▪▪▪▪▪▪▪▪▪▪▪▪▪▪▪▪▪▪▪▪▪▪▪▪▪▪▪▪▪
▪▪▪▪▪▪▪▪▪▪▪▪▪▪▪▪▪▪▪▪▪▪▪▪▪▪▪▪▪▪▪▪▪▪▪▪
▪▪▪▪▪▪▪▪▪▪▪▪▪▪▪▪▪▪▪▪▪▪▪▪▪▪▪▪▪▪▪▪▪▪▪▪▪▪▪▪▪
▪▪▪▪▪▪▪▪▪▪▪▪▪▪▪▪
▪▪▪▪▪▪▪▪▪▪▪▪▪▪▪▪
▪▪▪▪▪▪▪▪▪▪▪▪▪
▪▪▪▪▪▪▪▪▪▪▪▪▪▪▪▪▪▪▪▪▪▪▪▪▪▪▪▪▪▪▪▪▪▪▪▪▪▪▪▪▪▪▪▪
▪▪▪▪▪▪▪▪▪▪▪▪▪▪▪▪▪▪
▪▪▪▪▪▪▪▪▪▪▪▪▪▪▪▪▪▪▪▪▪▪▪▪▪▪▪▪▪▪▪▪▪▪▪▪▪
▪▪▪▪▪▪▪▪▪▪▪▪▪▪▪
▪▪▪▪▪▪▪▪▪▪▪▪▪▪▪▪▪▪▪▪▪▪▪▪▪▪▪
▪▪▪▪▪▪▪▪▪▪▪▪▪▪▪▪▪▪
▪▪▪▪▪▪▪▪▪▪
▪▪▪▪▪▪▪▪▪▪
▪▪▪▪▪▪▪▪▪▪▪▪▪▪▪▪▪▪▪▪▪▪▪▪▪▪▪▪▪▪▪
▪▪▪▪▪▪▪▪▪▪▪▪▪▪
▪▪▪▪▪▪▪▪▪▪▪▪▪▪▪▪▪▪▪▪▪▪▪▪▪▪▪▪▪▪▪▪▪▪▪▪▪
▪▪▪▪▪▪▪▪▪▪▪▪▪
▪▪▪▪▪▪▪▪▪▪
▪▪▪▪▪▪▪▪▪▪▪▪▪▪▪▪▪▪▪▪▪▪▪▪▪▪
▪▪▪▪▪▪▪▪▪▪
▪▪▪▪▪▪▪▪▪▪▪
▪▪▪▪▪▪▪▪▪▪▪▪▪▪▪▪▪▪▪
▪▪▪▪▪▪▪▪▪▪▪▪▪▪▪▪▪▪▪▪▪▪▪▪▪▪▪▪▪▪▪▪▪▪▪▪▪▪▪▪▪
▪▪▪▪▪▪▪▪▪▪▪▪▪▪▪▪▪▪▪▪▪▪
▪▪▪▪▪▪▪▪▪▪▪▪▪▪▪▪▪▪▪▪▪▪▪▪▪▪▪
▪▪▪▪▪▪▪▪▪▪▪▪▪▪▪▪▪▪▪▪▪▪▪▪▪▪▪▪▪▪▪▪▪▪▪▪▪▪▪
▪▪▪▪▪▪▪▪▪▪▪▪▪▪▪▪▪▪▪▪▪▪▪▪▪▪▪▪▪▪▪▪▪▪▪▪▪▪▪▪▪▪▪▪
▪▪▪▪▪▪▪▪▪▪▪▪▪▪▪▪▪▪▪▪▪▪▪▪▪▪
▪▪▪▪▪▪▪▪▪▪▪▪▪▪▪▪▪▪▪▪▪▪▪
▪▪▪▪▪▪▪▪▪▪▪▪▪▪▪▪▪▪▪
▪▪▪▪▪▪▪▪▪▪▪▪▪▪▪▪▪▪▪▪▪▪▪▪▪
▪▪▪▪▪▪▪▪▪▪▪
▪▪▪▪▪▪▪▪▪▪▪▪▪▪▪▪▪▪▪▪▪▪▪▪▪▪▪▪▪▪▪▪▪
▪▪▪▪▪▪▪▪▪▪▪▪▪
▪▪▪▪▪▪▪▪▪▪▪▪▪▪▪▪▪▪▪▪▪▪▪▪▪▪▪▪▪
▪▪▪▪▪▪▪▪▪▪▪▪▪▪▪▪▪▪▪▪▪▪▪▪▪▪▪▪▪▪▪▪▪▪▪▪▪▪▪▪
▪▪▪▪▪▪▪▪▪▪
▪▪▪▪▪▪▪▪▪▪▪▪▪▪▪▪▪▪▪▪▪▪▪▪▪▪▪▪▪▪▪▪▪▪▪▪▪▪
▪▪▪▪▪▪▪▪▪▪▪▪▪▪▪▪▪▪▪
▪▪▪▪▪▪▪▪▪▪▪▪▪▪▪▪▪▪▪▪▪▪▪▪▪▪▪▪▪▪▪▪▪
▪▪▪▪▪▪▪▪▪▪▪▪▪▪
▪▪▪▪▪▪▪▪▪▪▪▪▪▪
▪▪▪▪▪▪▪▪▪▪▪▪▪▪▪▪▪▪▪▪▪▪▪▪▪▪▪▪▪▪▪▪▪▪▪▪▪▪▪▪▪▪
▪▪▪▪▪▪▪▪▪▪▪▪▪▪▪▪▪▪▪
▪▪▪▪▪▪▪▪▪▪▪▪▪▪▪▪▪▪▪▪▪▪▪▪▪▪▪▪▪▪▪
▪▪▪▪▪▪▪▪▪▪▪▪▪▪
▪▪▪▪▪▪▪▪▪▪▪▪▪▪▪▪▪▪▪▪▪▪▪▪▪▪▪▪▪▪▪▪▪▪▪
▪▪▪▪▪▪▪▪▪▪
▪▪▪▪▪▪▪▪▪▪▪▪▪▪▪
▪▪▪▪▪▪▪▪▪▪▪▪
▪▪▪▪▪▪▪▪▪▪▪▪▪▪▪▪▪
▪▪▪▪▪▪▪▪▪▪▪▪▪
▪▪▪▪▪▪▪▪▪▪▪▪▪▪
▪▪▪▪▪▪▪▪▪▪▪▪▪▪▪▪▪▪▪▪▪▪▪▪▪▪▪▪▪▪▪▪▪▪▪▪▪▪
▪▪▪▪▪▪▪▪▪▪▪▪▪▪▪▪▪▪▪▪▪▪▪▪▪
▪▪▪▪▪▪▪▪▪▪▪▪▪▪
▪▪▪▪▪▪▪▪▪▪▪▪▪▪▪▪▪▪▪▪▪▪▪▪▪▪▪▪▪▪▪▪▪▪▪▪▪▪▪▪▪▪▪▪▪▪▪
▪▪▪▪▪▪▪▪▪▪▪
▪▪▪▪▪▪▪▪▪▪▪▪▪▪▪▪▪▪▪▪▪▪▪▪▪▪▪▪▪▪▪▪
▪▪▪▪▪▪▪▪▪▪▪▪▪▪▪▪▪▪▪▪▪▪▪▪
▪▪▪▪▪▪▪▪▪▪▪▪▪▪▪▪
▪▪▪▪▪▪▪▪▪▪▪▪▪▪▪▪▪▪▪▪▪▪▪▪▪▪▪▪▪▪▪▪▪▪▪▪
▪▪▪▪▪▪▪▪▪▪▪
▪▪▪▪▪▪▪▪▪▪▪▪▪▪▪▪▪▪▪
▪▪▪▪▪▪▪▪▪▪▪▪▪▪▪▪▪▪▪▪▪▪▪▪▪▪▪
▪▪▪▪▪▪▪▪▪▪▪▪▪▪▪▪▪▪▪▪▪▪▪▪▪▪▪▪▪▪▪▪▪▪
▪▪▪▪▪▪▪▪▪▪▪
▪▪▪▪▪▪▪▪▪▪▪▪▪▪▪▪▪▪▪▪▪▪▪▪▪▪▪▪▪▪▪▪▪▪▪▪▪
▪▪▪▪▪▪▪▪▪▪▪▪
▪▪▪▪▪▪▪▪▪▪▪▪▪▪▪
▪▪▪▪▪▪▪▪▪▪▪▪▪▪▪▪▪▪▪▪▪▪▪▪▪▪▪▪▪▪▪▪▪▪▪▪▪▪▪▪▪▪▪▪▪▪
▪▪▪▪▪▪▪▪▪▪▪▪▪▪▪▪▪▪▪▪▪▪▪▪▪▪▪▪▪▪▪▪▪▪▪▪▪▪▪▪▪▪
▪▪▪▪▪▪▪▪▪▪▪▪▪▪▪▪▪▪▪▪▪▪▪▪▪▪▪▪▪▪▪▪▪▪
▪▪▪▪▪▪▪▪▪▪▪▪▪▪▪
▪▪▪▪▪▪▪▪▪▪▪▪▪▪▪▪▪▪▪▪▪▪▪▪▪▪▪▪
▪▪▪▪▪▪▪▪▪▪▪
▪▪▪▪▪▪▪▪▪▪▪▪▪▪▪
▪▪▪▪▪▪▪▪▪▪▪▪▪▪▪▪▪▪▪
▪▪▪▪▪▪▪▪▪▪▪▪▪▪▪▪▪▪▪▪▪▪▪▪▪▪▪▪▪▪▪▪▪▪▪▪▪▪▪▪▪▪
▪▪▪▪▪▪▪▪▪▪▪▪▪
▪▪▪▪▪▪▪▪▪▪▪▪▪▪▪▪▪▪▪▪▪▪▪▪▪▪▪
▪▪▪▪▪▪▪▪▪▪▪▪▪▪▪▪
▪▪▪▪▪▪▪▪▪▪▪
▪▪▪▪▪▪▪▪▪▪▪
▪▪▪▪▪▪▪▪▪▪▪▪▪▪▪▪▪▪▪▪▪▪▪▪▪▪▪▪▪▪▪▪▪▪▪▪▪▪▪▪▪▪▪▪▪▪▪
▪▪▪▪▪▪▪▪▪▪▪
▪▪▪▪▪▪▪▪▪▪▪▪▪▪▪▪▪▪▪▪▪▪
▪▪▪▪▪▪▪▪▪▪▪▪▪▪▪▪▪▪▪▪▪▪▪
▪▪▪▪▪▪▪▪▪▪▪▪▪▪▪▪
▪▪▪▪▪▪▪▪▪▪▪▪▪▪▪▪▪▪▪▪▪▪▪▪▪▪
▪▪▪▪▪▪▪▪▪▪▪▪▪▪▪▪▪▪▪▪▪▪▪▪
▪▪▪▪▪▪▪▪▪▪▪▪▪▪▪▪▪▪▪▪▪▪▪▪▪▪▪▪▪▪▪▪▪▪▪▪▪▪▪▪▪▪▪
▪▪▪▪▪▪▪▪▪▪▪▪▪▪▪▪▪▪▪▪▪▪▪▪▪▪▪▪▪▪▪▪▪▪▪▪▪▪▪▪▪▪
▪▪▪▪▪▪▪▪▪▪▪▪▪▪▪▪▪▪▪▪▪▪▪▪▪▪▪▪▪▪▪▪
▪▪▪▪▪▪▪▪▪▪▪▪▪▪▪▪▪▪▪▪▪▪
▪▪▪▪▪▪▪▪▪▪▪▪▪▪▪▪▪▪▪▪▪▪▪▪▪
▪▪▪▪▪▪▪▪▪▪▪▪▪▪▪▪▪▪▪▪▪▪▪▪▪
▪▪▪▪▪▪▪▪▪▪▪▪▪▪
▪▪▪▪▪▪▪▪▪▪▪▪▪▪
▪▪▪▪▪▪▪▪▪▪▪▪▪▪▪▪
▪▪▪▪▪▪▪▪▪▪▪▪▪▪▪▪▪▪▪▪▪▪▪▪▪▪▪▪▪▪
▪▪▪▪▪▪▪▪▪▪
▪▪▪▪▪▪▪▪▪▪
▪▪▪▪▪▪▪▪▪▪▪▪▪▪▪▪▪▪▪▪▪▪▪▪▪▪▪▪▪▪▪▪▪▪▪▪▪▪▪▪▪▪▪▪▪▪▪
▪▪▪▪▪▪▪▪▪▪
▪▪▪▪▪▪▪▪▪▪▪▪▪▪▪▪▪▪▪▪▪▪▪▪▪▪▪▪▪▪▪▪▪▪▪▪▪▪▪▪▪▪
▪▪▪▪▪▪▪▪▪▪▪▪▪▪▪▪▪▪▪▪▪▪▪▪▪▪▪▪▪▪▪▪▪▪▪▪▪
▪▪▪▪▪▪▪▪▪▪▪▪▪▪▪▪▪▪▪▪▪▪▪▪▪▪▪▪▪▪▪▪▪▪▪▪▪▪▪▪▪▪▪
▪▪▪▪▪▪▪▪▪▪▪▪▪▪▪▪▪▪▪▪▪▪▪▪▪▪▪▪▪▪▪▪▪▪▪▪▪▪▪▪▪▪▪▪▪▪▪
▪▪▪▪▪▪▪▪▪▪▪▪▪▪
▪▪▪▪▪▪▪▪▪▪▪▪▪▪▪▪▪▪▪▪▪▪▪▪▪▪▪▪▪▪▪▪▪▪▪▪
▪▪▪▪▪▪▪▪▪▪▪▪▪▪▪▪▪▪▪▪▪▪▪▪▪▪▪▪▪▪▪▪▪▪▪▪▪▪▪▪▪▪▪▪
▪▪▪▪▪▪▪▪▪▪▪▪▪▪▪▪▪
▪▪▪▪▪▪▪▪▪▪▪▪▪▪▪▪▪▪▪▪▪▪▪▪▪▪▪▪▪▪▪▪▪▪▪▪
▪▪▪▪▪▪▪▪▪▪▪▪▪▪▪▪▪▪▪▪▪▪▪▪▪▪▪▪▪▪▪▪▪▪▪▪▪▪▪▪▪
▪▪▪▪▪▪▪▪▪▪▪▪▪▪▪▪▪▪▪▪▪▪▪▪▪▪▪▪▪▪▪▪▪▪▪▪▪▪▪▪▪▪
▪▪▪▪▪▪▪▪▪▪
▪▪▪▪▪▪▪▪▪▪▪▪▪▪▪▪▪▪
▪▪▪▪▪▪▪▪▪▪▪▪▪▪▪▪▪▪▪▪▪▪▪▪▪▪▪▪▪▪▪▪▪▪▪▪▪▪▪▪▪▪
▪▪▪▪▪▪▪▪▪▪▪
▪▪▪▪▪▪▪▪▪▪▪▪▪▪
▪▪▪▪▪▪▪▪▪▪▪▪▪▪▪▪▪▪▪▪▪▪▪
▪▪▪▪▪▪▪▪▪▪▪▪▪▪▪▪▪▪▪▪▪▪▪▪▪▪▪▪▪▪
▪▪▪▪▪▪▪▪▪▪▪▪▪▪▪▪▪
▪▪▪▪▪▪▪▪▪▪▪▪▪▪▪▪▪
▪▪▪▪▪▪▪▪▪▪▪▪▪▪▪▪▪
▪▪▪▪▪▪▪▪▪▪▪▪▪▪▪▪▪▪▪▪▪▪▪▪
▪▪▪▪▪▪▪▪▪▪▪▪▪▪▪▪▪▪▪▪▪▪▪▪▪▪▪▪
▪▪▪▪▪▪▪▪▪▪▪▪▪▪▪▪
▪▪▪▪▪▪▪▪▪▪▪▪▪▪▪▪▪▪▪▪▪▪▪▪▪▪▪▪▪▪▪▪▪▪▪▪▪
▪▪▪▪▪▪▪▪▪▪▪▪▪▪▪▪▪▪▪▪▪▪▪▪▪▪▪▪▪▪▪▪▪▪▪▪▪▪▪
▪▪▪▪▪▪▪▪▪▪▪▪▪▪▪▪▪▪▪▪▪▪▪▪▪▪▪
▪▪▪▪▪▪▪▪▪▪▪▪▪▪▪▪▪▪▪▪▪▪▪▪▪▪▪▪▪▪▪▪▪▪▪▪▪▪
▪▪▪▪▪▪▪▪▪▪▪▪▪
▪▪▪▪▪▪▪▪▪▪▪▪▪▪▪▪▪▪▪▪▪▪▪▪▪▪▪▪▪▪▪▪▪▪▪▪▪▪▪▪▪▪
▪▪▪▪▪▪▪▪▪▪▪▪▪▪▪▪▪▪▪▪▪▪▪▪▪▪▪▪▪▪▪
▪▪▪▪▪▪▪▪▪▪▪▪▪▪▪▪▪▪▪▪▪▪▪▪▪▪▪▪▪▪▪▪▪▪
▪▪▪▪▪▪▪▪▪▪▪▪▪▪▪▪▪▪▪▪▪▪▪▪▪▪▪▪▪▪▪▪▪▪▪▪▪
▪▪▪▪▪▪▪▪▪▪
▪▪▪▪▪▪▪▪▪▪▪▪▪
▪▪▪▪▪▪▪▪▪▪▪▪▪▪▪▪▪▪▪▪▪▪▪▪▪▪▪▪▪▪▪▪▪▪▪▪▪▪▪▪▪▪▪▪
▪▪▪▪▪▪▪▪▪▪▪▪▪▪▪▪▪▪▪▪▪▪
▪▪▪▪▪▪▪▪▪▪▪▪▪▪▪▪▪▪▪▪▪▪▪▪▪▪▪
▪▪▪▪▪▪▪▪▪▪▪▪▪▪▪▪▪▪
▪▪▪▪▪▪▪▪▪▪▪▪▪▪
▪▪▪▪▪▪▪▪▪▪▪▪▪▪▪▪▪▪▪▪▪▪▪▪▪▪▪▪▪
▪▪▪▪▪▪▪▪▪▪▪▪▪▪▪▪▪▪▪▪▪▪▪▪▪▪▪▪▪▪▪▪▪▪▪▪▪▪▪▪▪▪▪▪
▪▪▪▪▪▪▪▪▪▪▪▪▪▪▪▪▪▪▪▪▪▪▪▪▪▪▪▪▪▪▪▪▪▪▪▪▪
▪▪▪▪▪▪▪▪▪▪▪▪▪▪▪▪▪▪
▪▪▪▪▪▪▪▪▪▪▪
▪▪▪▪▪▪▪▪▪▪▪▪▪▪▪▪▪
▪▪▪▪▪▪▪▪▪▪▪▪▪▪▪▪▪▪▪▪▪▪▪▪▪▪
▪▪▪▪▪▪▪▪▪▪▪▪▪▪▪▪▪▪▪▪▪▪▪▪▪▪▪▪▪▪▪▪▪▪▪▪▪▪▪▪▪▪▪
▪▪▪▪▪▪▪▪▪▪
▪▪▪▪▪▪▪▪▪▪▪▪▪▪
▪▪▪▪▪▪▪▪▪▪▪▪
▪▪▪▪▪▪▪▪▪▪▪▪▪▪▪▪▪▪▪
▪▪▪▪▪▪▪▪▪▪▪▪▪▪▪▪▪▪▪▪▪▪▪▪▪▪▪▪▪▪▪▪▪▪▪▪▪▪▪▪▪▪▪▪▪▪
▪▪▪▪▪▪▪▪▪▪▪▪▪▪▪▪▪▪▪▪▪▪▪▪▪▪▪▪▪▪▪▪▪▪▪▪▪▪
▪▪▪▪▪▪▪▪▪▪▪▪▪▪▪▪▪▪▪▪▪▪▪▪▪▪▪▪▪▪▪▪▪▪▪
▪▪▪▪▪▪▪▪▪▪▪▪▪▪▪▪▪▪▪
▪▪▪▪▪▪▪▪▪▪▪▪▪▪▪▪▪▪▪▪▪▪▪▪▪▪▪▪▪
▪▪▪▪▪▪▪▪▪▪
▪▪▪▪▪▪▪▪▪▪▪▪▪▪▪▪
▪▪▪▪▪▪▪▪▪▪▪▪▪▪▪▪▪▪▪▪▪▪▪▪▪▪▪▪▪▪▪▪
▪▪▪▪▪▪▪▪▪▪▪▪▪▪▪▪▪▪▪▪▪▪▪▪▪▪▪▪▪▪▪▪▪▪▪▪▪▪▪▪▪▪▪
▪▪▪▪▪▪▪▪▪▪▪▪▪
▪▪▪▪▪▪▪▪▪▪▪▪
▪▪▪▪▪▪▪▪▪▪
▪▪▪▪▪▪▪▪▪▪▪▪▪▪▪▪▪▪▪▪▪▪▪▪▪▪▪▪
▪▪▪▪▪▪▪▪▪▪▪▪▪▪▪▪▪▪▪▪▪▪▪▪
▪▪▪▪▪▪▪▪▪▪
▪▪▪▪▪▪▪▪▪▪▪▪▪▪▪▪▪▪▪▪▪▪▪▪▪▪▪▪▪▪▪▪▪▪▪▪▪▪
▪▪▪▪▪▪▪▪▪▪▪▪▪▪▪▪▪▪▪▪▪▪▪▪▪
▪▪▪▪▪▪▪▪▪▪▪▪▪▪▪▪▪▪▪▪▪▪▪
▪▪▪▪▪▪▪▪▪▪▪▪▪▪▪▪▪
▪▪▪▪▪▪▪▪▪▪▪▪▪▪▪▪
▪▪▪▪▪▪▪▪▪▪▪▪▪▪▪▪▪▪▪▪▪▪▪▪▪▪▪▪
▪▪▪▪▪▪▪▪▪▪▪▪▪▪▪▪▪▪▪▪▪▪▪▪▪▪▪▪▪▪▪▪▪▪▪▪▪▪▪▪▪▪▪▪
▪▪▪▪▪▪▪▪▪▪▪▪▪▪▪▪▪▪▪
▪▪▪▪▪▪▪▪▪▪▪▪▪▪▪▪▪▪▪▪▪▪▪▪▪▪▪▪▪▪▪▪▪▪▪▪▪▪▪▪▪▪▪▪▪
▪▪▪▪▪▪▪▪▪▪▪▪▪▪▪▪▪▪▪▪▪▪▪▪▪▪▪
▪▪▪▪▪▪▪▪▪▪▪
▪▪▪▪▪▪▪▪▪▪▪▪▪
▪▪▪▪▪▪▪▪▪▪
▪▪▪▪▪▪▪▪▪▪▪▪▪▪▪▪▪▪▪▪▪▪▪▪▪▪▪▪▪▪▪▪▪▪▪▪▪▪▪
▪▪▪▪▪▪▪▪▪▪▪▪▪▪▪▪▪
▪▪▪▪▪▪▪▪▪▪▪▪▪▪▪
▪▪▪▪▪▪▪▪▪▪▪▪▪▪▪▪▪▪▪▪▪▪▪▪▪▪▪▪▪▪▪▪▪▪▪▪▪▪
▪▪▪▪▪▪▪▪▪▪▪▪▪
▪▪▪▪▪▪▪▪▪▪▪▪▪▪▪▪▪▪▪▪▪▪▪
▪▪▪▪▪▪▪▪▪▪▪▪▪▪▪▪▪▪▪▪▪▪▪▪▪▪▪▪▪
▪▪▪▪▪▪▪▪▪▪▪▪▪▪▪▪▪▪▪▪▪▪▪▪▪▪▪▪▪▪▪▪
▪▪▪▪▪▪▪▪▪▪▪▪▪▪▪▪▪▪
▪▪▪▪▪▪▪▪▪▪▪▪▪▪▪▪▪▪▪
▪▪▪▪▪▪▪▪▪▪▪▪▪▪▪▪▪▪▪▪▪▪▪▪▪▪▪▪
▪▪▪▪▪▪▪▪▪▪
▪▪▪▪▪▪▪▪▪▪▪▪▪▪▪▪▪▪
▪▪▪▪▪▪▪▪▪▪
▪▪▪▪▪▪▪▪▪▪▪▪▪▪▪▪▪▪▪▪▪▪
▪▪▪▪▪▪▪▪▪▪▪▪▪▪▪▪▪▪▪▪▪▪▪▪▪▪▪
▪▪▪▪▪▪▪▪▪▪▪▪▪▪▪▪▪▪▪▪▪▪▪
▪▪▪▪▪▪▪▪▪▪▪▪▪▪▪▪▪▪▪▪▪▪▪▪▪▪▪▪▪▪▪▪▪▪▪▪▪▪▪▪▪▪▪▪▪▪
▪▪▪▪▪▪▪▪▪▪▪▪▪
▪▪▪▪▪▪▪▪▪▪▪▪▪▪▪▪▪▪▪▪▪▪▪▪▪▪▪▪▪▪▪▪▪▪▪▪
▪▪▪▪▪▪▪▪▪▪▪▪▪▪▪▪▪▪▪▪▪▪▪▪▪
▪▪▪▪▪▪▪▪▪▪▪▪▪▪▪▪▪▪▪▪▪▪▪▪▪▪▪▪▪▪▪▪
▪▪▪▪▪▪▪▪▪▪▪▪▪▪▪▪▪▪▪▪▪▪▪▪▪▪▪▪▪▪▪▪▪▪▪▪▪▪▪▪▪▪▪
▪▪▪▪▪▪▪▪▪▪▪▪▪▪▪▪▪▪▪▪▪▪▪▪▪▪▪▪▪▪▪▪▪▪▪▪▪▪▪▪▪▪
▪▪▪▪▪▪▪▪▪▪▪▪▪▪▪▪▪
▪▪▪▪▪▪▪▪▪▪▪▪▪▪▪▪▪▪▪▪▪▪
▪▪▪▪▪▪▪▪▪▪▪▪▪▪▪▪▪▪▪▪▪▪▪▪▪
▪▪▪▪▪▪▪▪▪▪▪▪▪▪
▪▪▪▪▪▪▪▪▪▪▪▪▪▪▪▪▪▪▪▪▪▪▪▪▪▪▪▪▪▪▪▪▪▪
▪▪▪▪▪▪▪▪▪▪▪▪▪▪▪
▪▪▪▪▪▪▪▪▪▪
▪▪▪▪▪▪▪▪▪▪▪▪▪▪▪▪▪▪▪▪▪▪▪▪▪▪▪▪▪▪▪▪
▪▪▪▪▪▪▪▪▪▪▪▪▪▪▪▪▪▪▪▪▪▪▪▪
▪▪▪▪▪▪▪▪▪▪▪▪▪▪▪
▪▪▪▪▪▪▪▪▪▪▪▪▪▪▪▪▪▪▪▪▪▪▪
▪▪▪▪▪▪▪▪▪▪▪
▪▪▪▪▪▪▪▪▪▪▪▪
▪▪▪▪▪▪▪▪▪▪▪▪▪▪▪▪
▪▪▪▪▪▪▪▪▪▪▪▪▪▪▪▪▪▪▪
▪▪▪▪▪▪▪▪▪▪▪▪▪▪
▪▪▪▪▪▪▪▪▪▪▪▪▪▪▪
▪▪▪▪▪▪▪▪▪▪▪▪▪▪▪▪▪
▪▪▪▪▪▪▪▪▪▪▪▪▪▪▪▪▪▪▪▪▪▪▪▪▪▪▪▪▪▪▪
▪▪▪▪▪▪▪▪▪▪▪▪▪▪▪▪▪▪
▪▪▪▪▪▪▪▪▪▪▪▪▪▪▪▪▪
▪▪▪▪▪▪▪▪▪▪▪▪
▪▪▪▪▪▪▪▪▪▪▪▪▪▪▪▪▪▪▪
▪▪▪▪▪▪▪▪▪▪▪▪
▪▪▪▪▪▪▪▪▪▪▪▪▪▪▪▪▪▪▪▪▪▪▪▪▪▪▪▪▪▪▪▪
▪▪▪▪▪▪▪▪▪▪▪▪▪▪▪▪▪▪▪▪▪▪
▪▪▪▪▪▪▪▪▪▪▪▪▪▪▪▪▪▪▪▪▪▪▪▪▪▪▪▪▪▪▪▪
▪▪▪▪▪▪▪▪▪▪
▪▪▪▪▪▪▪▪▪▪▪▪▪▪▪▪▪▪▪▪▪▪▪▪▪▪▪▪▪
▪▪▪▪▪▪▪▪▪▪▪▪▪▪▪
▪▪▪▪▪▪▪▪▪▪▪▪▪
▪▪▪▪▪▪▪▪▪▪▪▪▪▪▪▪▪▪▪▪▪▪▪
▪▪▪▪▪▪▪▪▪▪
▪▪▪▪▪▪▪▪▪▪▪▪▪▪▪▪▪▪▪▪▪▪▪▪▪▪▪▪▪▪▪▪▪▪▪▪▪▪▪▪
▪▪▪▪▪▪▪▪▪▪▪▪▪▪▪
▪▪▪▪▪▪▪▪▪▪▪▪▪▪▪▪▪▪▪▪▪▪▪▪▪▪▪▪▪▪▪▪▪▪▪▪▪▪▪▪▪▪▪▪▪
▪▪▪▪▪▪▪▪▪▪▪▪▪▪▪▪▪▪▪▪▪▪▪▪▪▪▪▪
▪▪▪▪▪▪▪▪▪▪▪▪▪▪▪▪▪▪▪▪▪▪
▪▪▪▪▪▪▪▪▪▪▪▪▪▪▪▪▪▪▪▪▪▪▪▪▪▪▪▪▪▪▪▪▪▪▪▪
▪▪▪▪▪▪▪▪▪▪▪▪▪▪▪▪▪▪▪▪▪▪▪▪▪▪▪▪▪
▪▪▪▪▪▪▪▪▪▪▪▪▪▪▪▪▪▪▪▪▪▪▪▪▪▪▪▪▪▪▪▪▪▪▪▪▪▪▪▪
▪▪▪▪▪▪▪▪▪▪▪▪▪▪▪▪▪▪▪▪▪▪▪▪▪
▪▪▪▪▪▪▪▪▪▪
▪▪▪▪▪▪▪▪▪▪▪▪▪▪▪▪▪▪
▪▪▪▪▪▪▪▪▪▪▪▪▪▪▪▪▪▪▪
▪▪▪▪▪▪▪▪▪▪▪▪▪▪▪▪▪▪
▪▪▪▪▪▪▪▪▪▪▪▪▪▪▪▪▪
▪▪▪▪▪▪▪▪▪▪▪▪
▪▪▪▪▪▪▪▪▪▪▪▪▪▪▪▪▪▪▪▪▪▪▪▪▪▪▪▪▪▪▪▪▪▪▪▪▪▪▪▪▪▪
▪▪▪▪▪▪▪▪▪▪▪▪▪▪▪▪▪▪▪▪▪▪▪▪▪▪▪▪▪▪▪▪▪▪▪▪▪▪▪
▪▪▪▪▪▪▪▪▪▪▪▪▪▪▪▪▪▪▪▪▪▪▪▪▪▪▪▪▪▪
▪▪▪▪▪▪▪▪▪▪▪▪▪▪▪▪▪▪▪▪▪▪▪▪▪▪▪▪
▪▪▪▪▪▪▪▪▪▪▪▪▪▪▪▪▪▪▪▪▪▪▪▪▪▪▪▪▪▪▪▪▪▪▪▪▪▪▪▪▪▪
(下转C71版)
